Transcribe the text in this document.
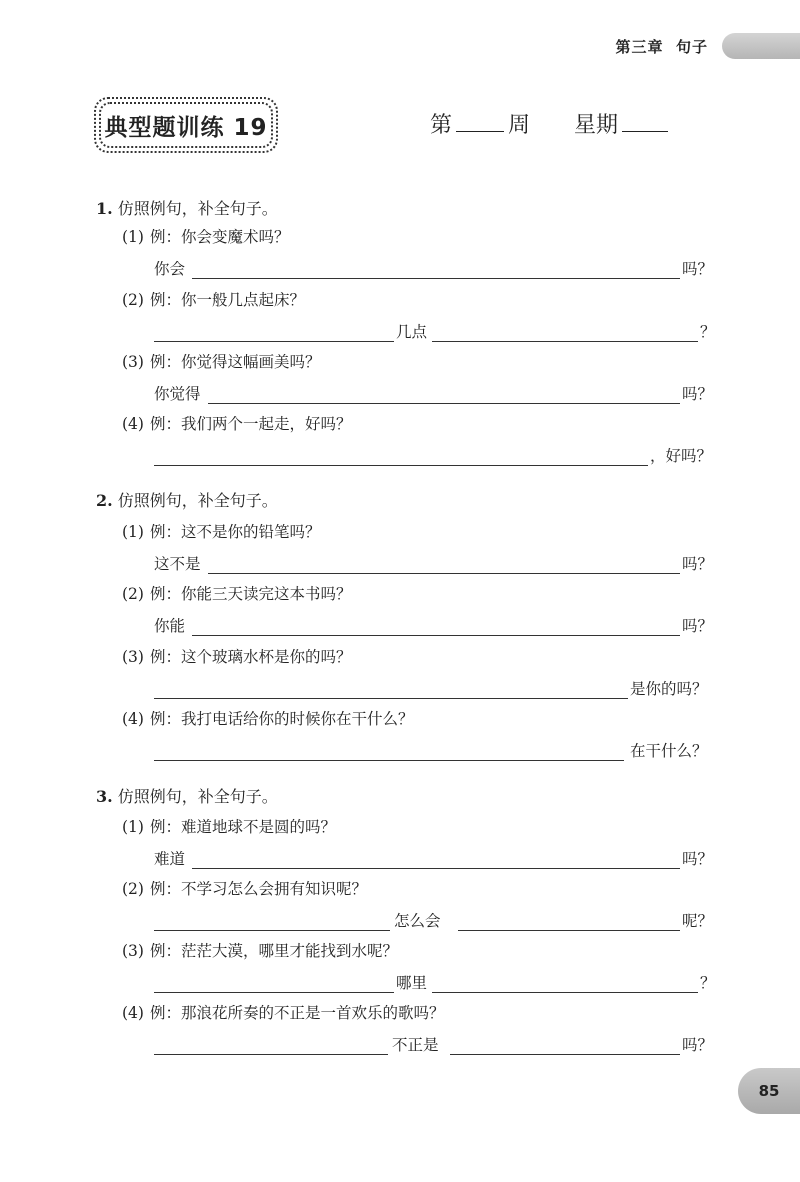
第三章 句子
典型题训练 19	第	周 星期
1. 仿照例句，补全句子。
(1) 例：你会变魔术吗？
你会	吗？
(2) 例：你一般几点起床？
几点	？
(3) 例：你觉得这幅画美吗？
你觉得	吗？
(4) 例：我们两个一起走，好吗？
，好吗？
2. 仿照例句，补全句子。
(1) 例：这不是你的铅笔吗？
这不是	吗？
(2) 例：你能三天读完这本书吗？
你能	吗？
(3) 例：这个玻璃水杯是你的吗？
是你的吗？
(4) 例：我打电话给你的时候你在干什么？
在干什么？
3. 仿照例句，补全句子。
(1) 例：难道地球不是圆的吗？
难道	吗？
(2) 例：不学习怎么会拥有知识呢？
怎么会	呢？
(3) 例：茫茫大漠，哪里才能找到水呢？
哪里	？
(4) 例：那浪花所奏的不正是一首欢乐的歌吗？
不正是	吗？
85
